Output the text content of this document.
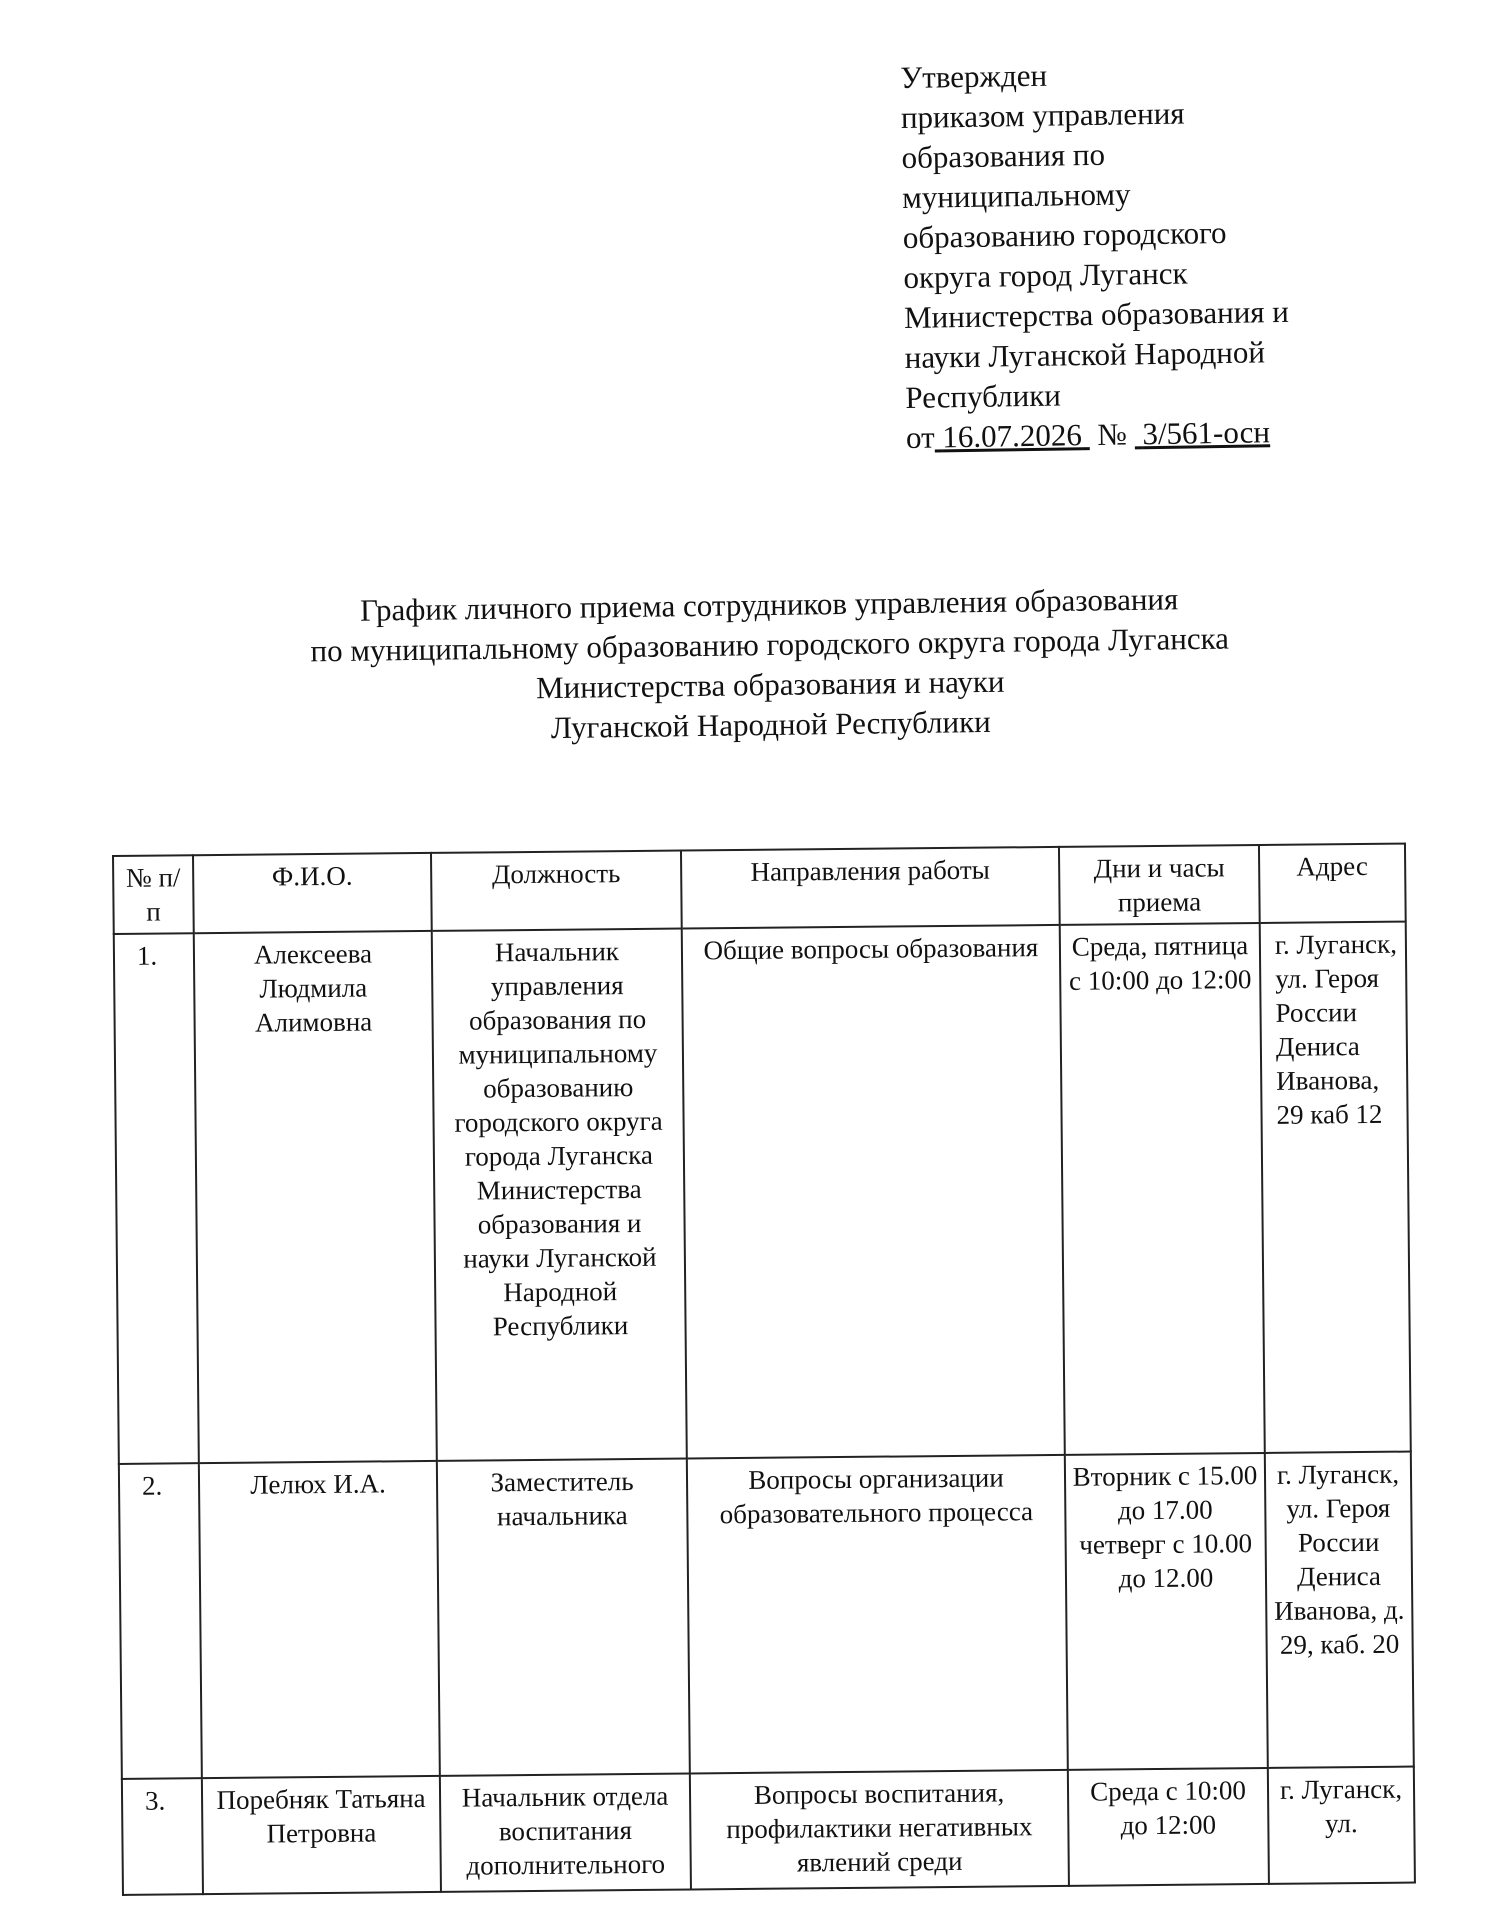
Утвержден
приказом управления
образования по
муниципальному
образованию городского
округа город Луганск
Министерства образования и
науки Луганской Народной
Республики
от 16.07.2026 № 3/561-осн
График личного приема сотрудников управления образования
по муниципальному образованию городского округа города Луганска
Министерства образования и науки
Луганской Народной Республики
№ п/п	Ф.И.О.	Должность	Направления работы	Дни и часы приема	Адрес
1.	Алексеева Людмила Алимовна	Начальник управления образования по муниципальному образованию городского округа города Луганска Министерства образования и науки Луганской Народной Республики	Общие вопросы образования	Среда, пятница с 10:00 до 12:00	г. Луганск, ул. Героя России Дениса Иванова, 29 каб 12
2.	Лелюх И.А.	Заместитель начальника	Вопросы организации образовательного процесса	Вторник с 15.00 до 17.00 четверг с 10.00 до 12.00	г. Луганск, ул. Героя России Дениса Иванова, д. 29, каб. 20
3.	Поребняк Татьяна Петровна	Начальник отдела воспитания дополнительного	Вопросы воспитания, профилактики негативных явлений среди	Среда с 10:00 до 12:00	г. Луганск, ул.
